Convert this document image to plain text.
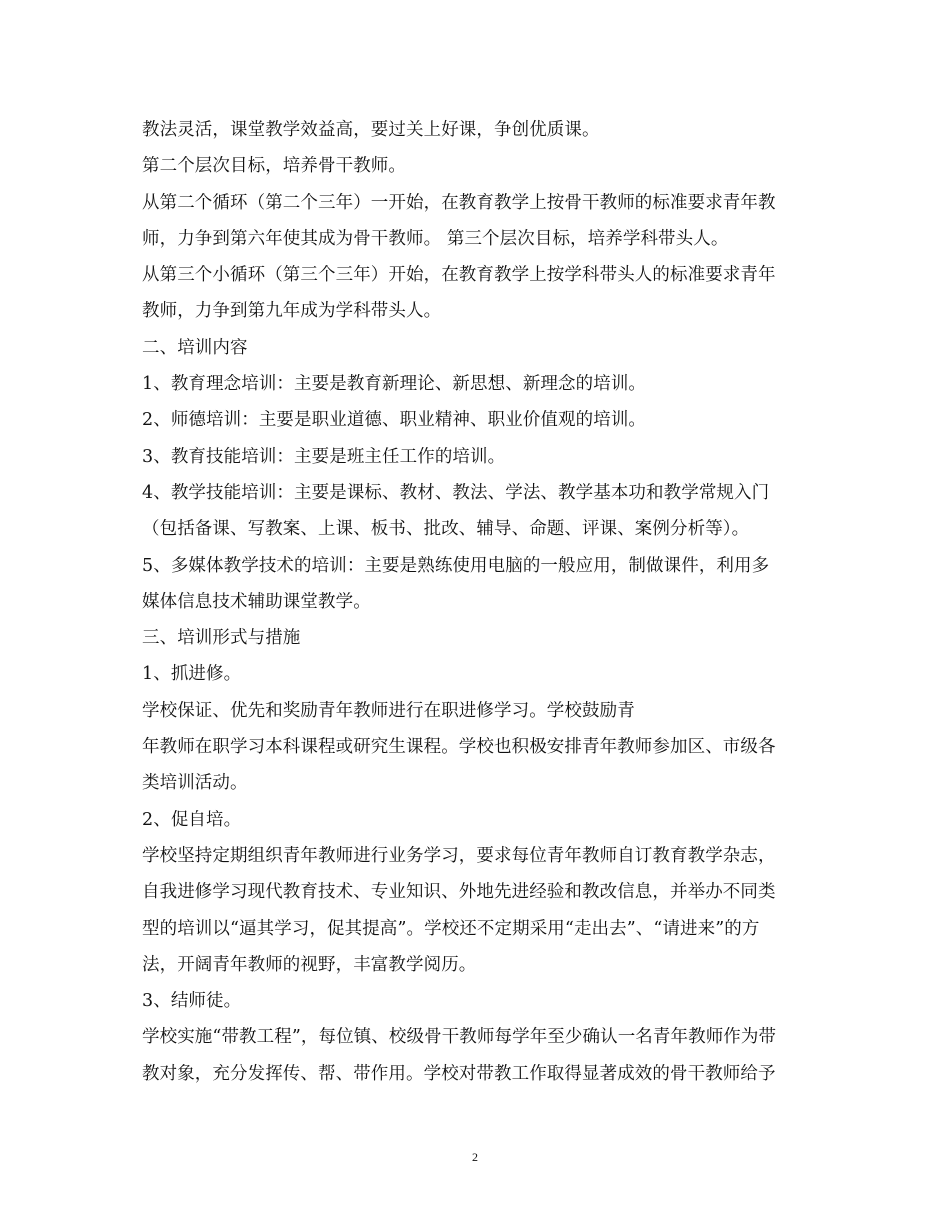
教法灵活，课堂教学效益高，要过关上好课，争创优质课。
第二个层次目标，培养骨干教师。
从第二个循环（第二个三年）一开始，在教育教学上按骨干教师的标准要求青年教
师，力争到第六年使其成为骨干教师。 第三个层次目标，培养学科带头人。
从第三个小循环（第三个三年）开始，在教育教学上按学科带头人的标准要求青年
教师，力争到第九年成为学科带头人。
二、培训内容
1、教育理念培训：主要是教育新理论、新思想、新理念的培训。
2、师德培训：主要是职业道德、职业精神、职业价值观的培训。
3、教育技能培训：主要是班主任工作的培训。
4、教学技能培训：主要是课标、教材、教法、学法、教学基本功和教学常规入门
（包括备课、写教案、上课、板书、批改、辅导、命题、评课、案例分析等）。
5、多媒体教学技术的培训：主要是熟练使用电脑的一般应用，制做课件，利用多
媒体信息技术辅助课堂教学。
三、培训形式与措施
1、抓进修。
学校保证、优先和奖励青年教师进行在职进修学习。学校鼓励青
年教师在职学习本科课程或研究生课程。学校也积极安排青年教师参加区、市级各
类培训活动。
2、促自培。
学校坚持定期组织青年教师进行业务学习，要求每位青年教师自订教育教学杂志，
自我进修学习现代教育技术、专业知识、外地先进经验和教改信息，并举办不同类
型的培训以“逼其学习，促其提高”。学校还不定期采用“走出去”、“请进来”的方
法，开阔青年教师的视野，丰富教学阅历。
3、结师徒。
学校实施“带教工程”，每位镇、校级骨干教师每学年至少确认一名青年教师作为带
教对象，充分发挥传、帮、带作用。学校对带教工作取得显著成效的骨干教师给予
2
